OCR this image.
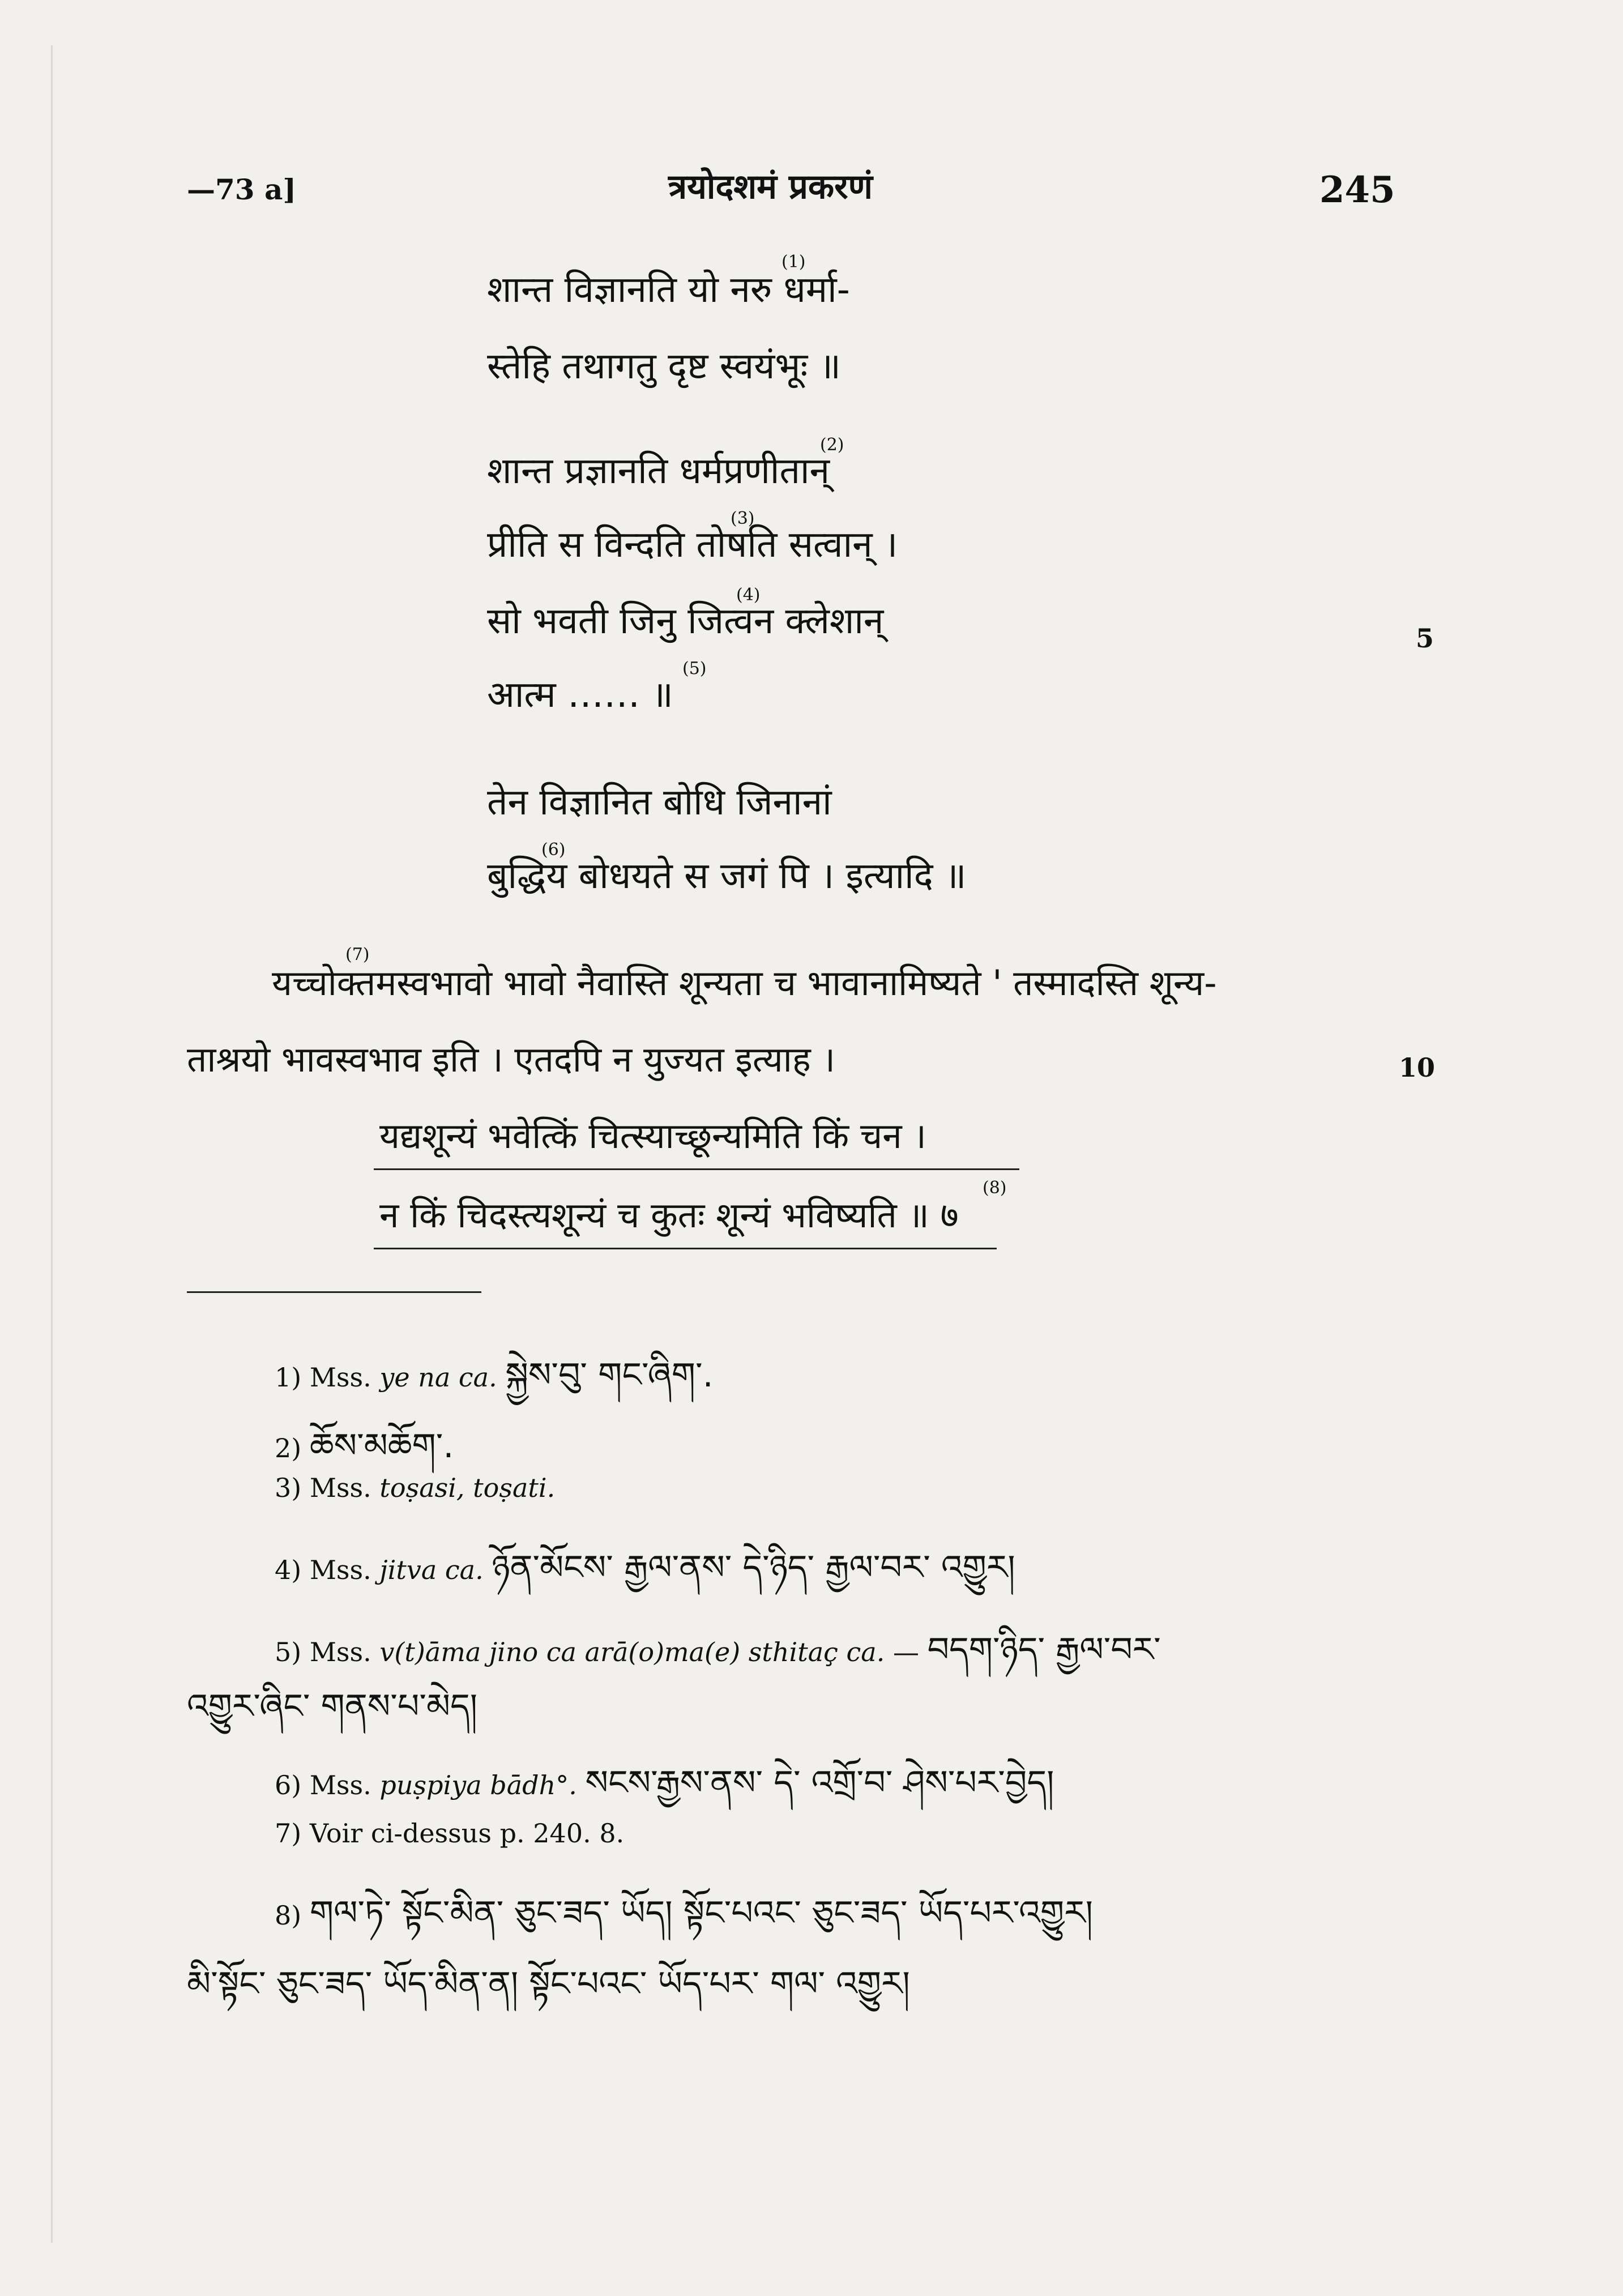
—73 a]	त्रयोदशमं प्रकरणं	245
शान्त विज्ञानति यो नरु धर्मा-
(1)
स्तेहि तथागतु दृष्ट स्वयंभूः ॥
शान्त प्रज्ञानति धर्मप्रणीतान्
(2)
प्रीति स विन्दति तोषति सत्वान् ।
(3)
सो भवती जिनु जित्वन क्लेशान्
(4)
आत्म ‥‥‥ ॥
(5)
तेन विज्ञानित बोधि जिनानां
बुद्धिय बोधयते स जगं पि । इत्यादि ॥
(6)
5
10
(7)
यच्चोक्तमस्वभावो भावो नैवास्ति शून्यता च भावानामिष्यते ' तस्मादस्ति शून्य-
ताश्रयो भावस्वभाव इति । एतदपि न युज्यत इत्याह ।
यद्यशून्यं भवेत्किं चित्स्याच्छून्यमिति किं चन ।
न किं चिदस्त्यशून्यं च कुतः शून्यं भविष्यति ॥ ७
(8)
1) Mss. ye na ca. སྐྱེས་བུ་ གང་ཞིག་.
2) ཆོས་མཆོག་.
3) Mss. toṣasi, toṣati.
4) Mss. jitva ca. ཉོན་མོངས་ རྒྱལ་ནས་ དེ་ཉིད་ རྒྱལ་བར་ འགྱུར།
5) Mss. v(t)āma jino ca arā(o)ma(e) sthitaç ca. — བདག་ཉིད་ རྒྱལ་བར་
འགྱུར་ཞིང་ གནས་པ་མེད།
6) Mss. puṣpiya bādh°. སངས་རྒྱས་ནས་ དེ་ འགྲོ་བ་ ཤེས་པར་བྱེད།
7) Voir ci-dessus p. 240. 8.
8) གལ་ཏེ་ སྟོང་མིན་ ཅུང་ཟད་ ཡོད། སྟོང་པའང་ ཅུང་ཟད་ ཡོད་པར་འགྱུར།
མི་སྟོང་ ཅུང་ཟད་ ཡོད་མིན་ན། སྟོང་པའང་ ཡོད་པར་ གལ་ འགྱུར།
